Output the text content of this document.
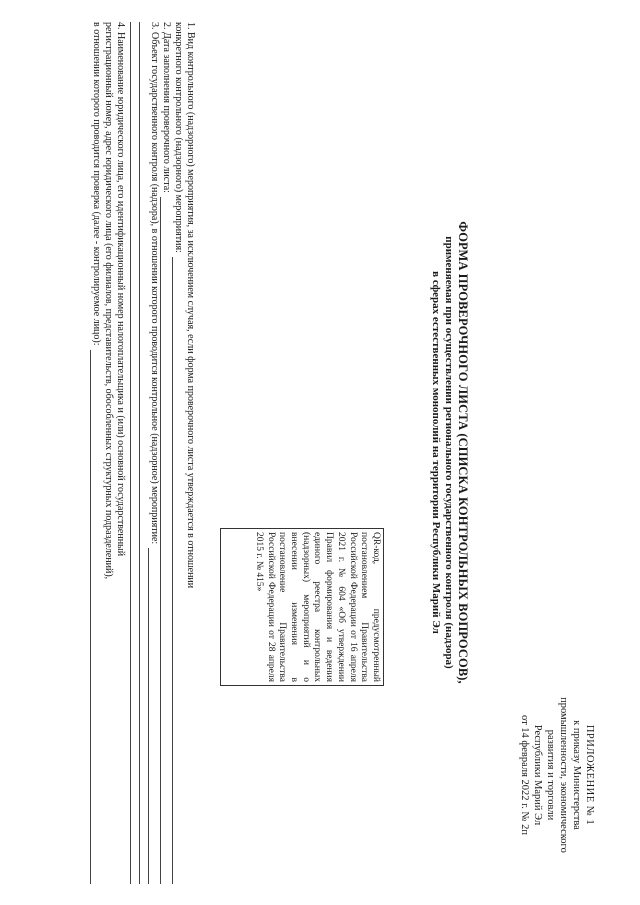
ПРИЛОЖЕНИЕ № 1
к приказу Министерства
промышленности, экономического
развития и торговли
Республики Марий Эл
от 14 февраля 2022 г. № 2п
ФОРМА ПРОВЕРОЧНОГО ЛИСТА (СПИСКА КОНТРОЛЬНЫХ ВОПРОСОВ),
применяемая при осуществлении регионального государственного контроля (надзора)
в сферах естественных монополий на территории Республики Марий Эл
QR-код, предусмотренный постановлением Правительства Российской Федерации от 16 апреля 2021 г. № 604 «Об утверждении Правил формирования и ведения единого реестра контрольных (надзорных) мероприятий и о внесении изменения в постановление Правительства Российской Федерации от 28 апреля 2015 г. № 415»
1. Вид контрольного (надзорного) мероприятия, за исключением случая, если форма проверочного листа утверждается в отношении
конкретного контрольного (надзорного) мероприятия:
2. Дата заполнения проверочного листа:
3. Объект государственного контроля (надзора), в отношении которого проводится контрольное (надзорное) мероприятие:
4. Наименование юридического лица, его идентификационный номер налогоплательщика и (или) основной государственный
регистрационный номер, адрес юридического лица (его филиалов, представительств, обособленных структурных подразделений),
в отношении которого проводится проверка (далее - контролируемое лицо):
